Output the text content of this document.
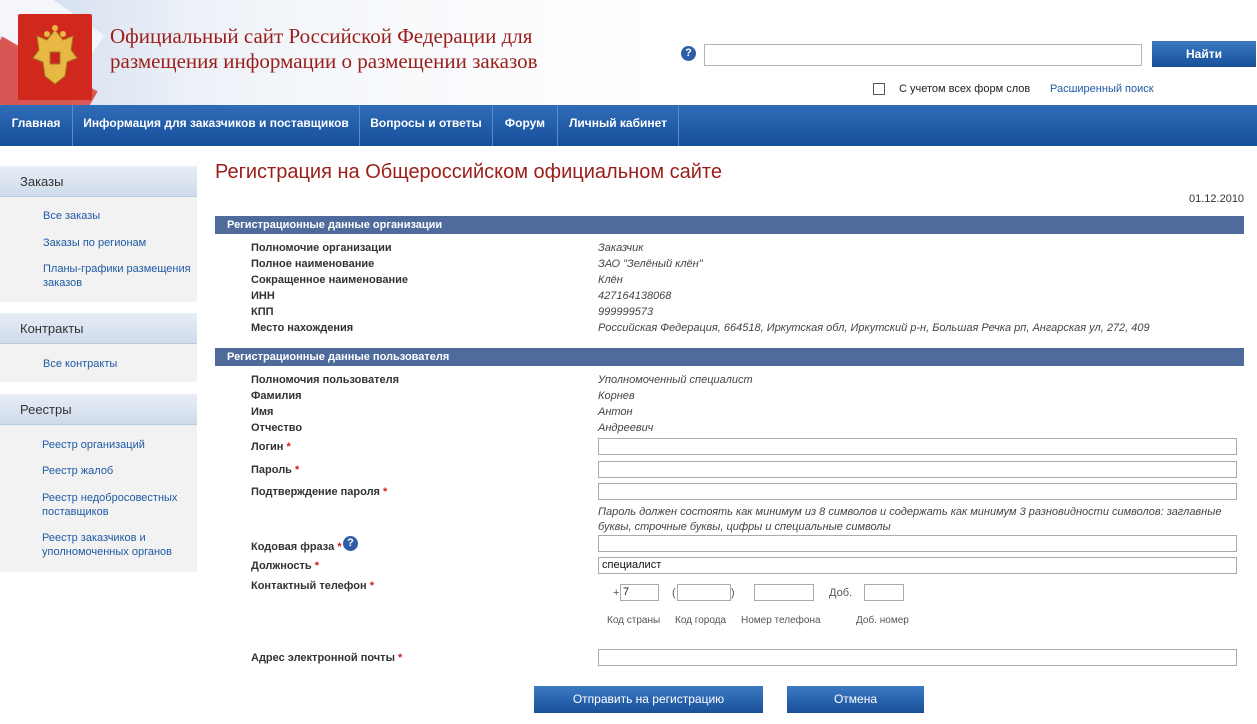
Официальный сайт Российской Федерации для
размещения информации о размещении заказов	?	Найти
С учетом всех форм слов Расширенный поиск
Главная	Информация для заказчиков и поставщиков	Вопросы и ответы	Форум	Личный кабинет
Заказы
Все заказы
Заказы по регионам
Планы-графики размещения
заказов
Контракты
Все контракты
Реестры
Реестр организаций
Реестр жалоб
Реестр недобросовестных
поставщиков
Реестр заказчиков и
уполномоченных органов
Регистрация на Общероссийском официальном сайте
01.12.2010
Регистрационные данные организации
Полномочие организации	Заказчик
Полное наименование	ЗАО "Зелёный клён"
Сокращенное наименование	Клён
ИНН	427164138068
КПП	999999573
Место нахождения	Российская Федерация, 664518, Иркутская обл, Иркутский р-н, Большая Речка рп, Ангарская ул, 272, 409
Регистрационные данные пользователя
Полномочия пользователя	Уполномоченный специалист
Фамилия	Корнев
Имя	Антон
Отчество	Андреевич
Логин *
Пароль *
Подтверждение пароля *
Пароль должен состоять как минимум из 8 символов и содержать как минимум 3 разновидности символов: заглавные
буквы, строчные буквы, цифры и специальные символы
Кодовая фраза * ?
Должность *	специалист
Контактный телефон *
+ 7	(	)	Доб.
Код страны Код города Номер телефона	Доб. номер
Адрес электронной почты *
Отправить на регистрацию	Отмена
